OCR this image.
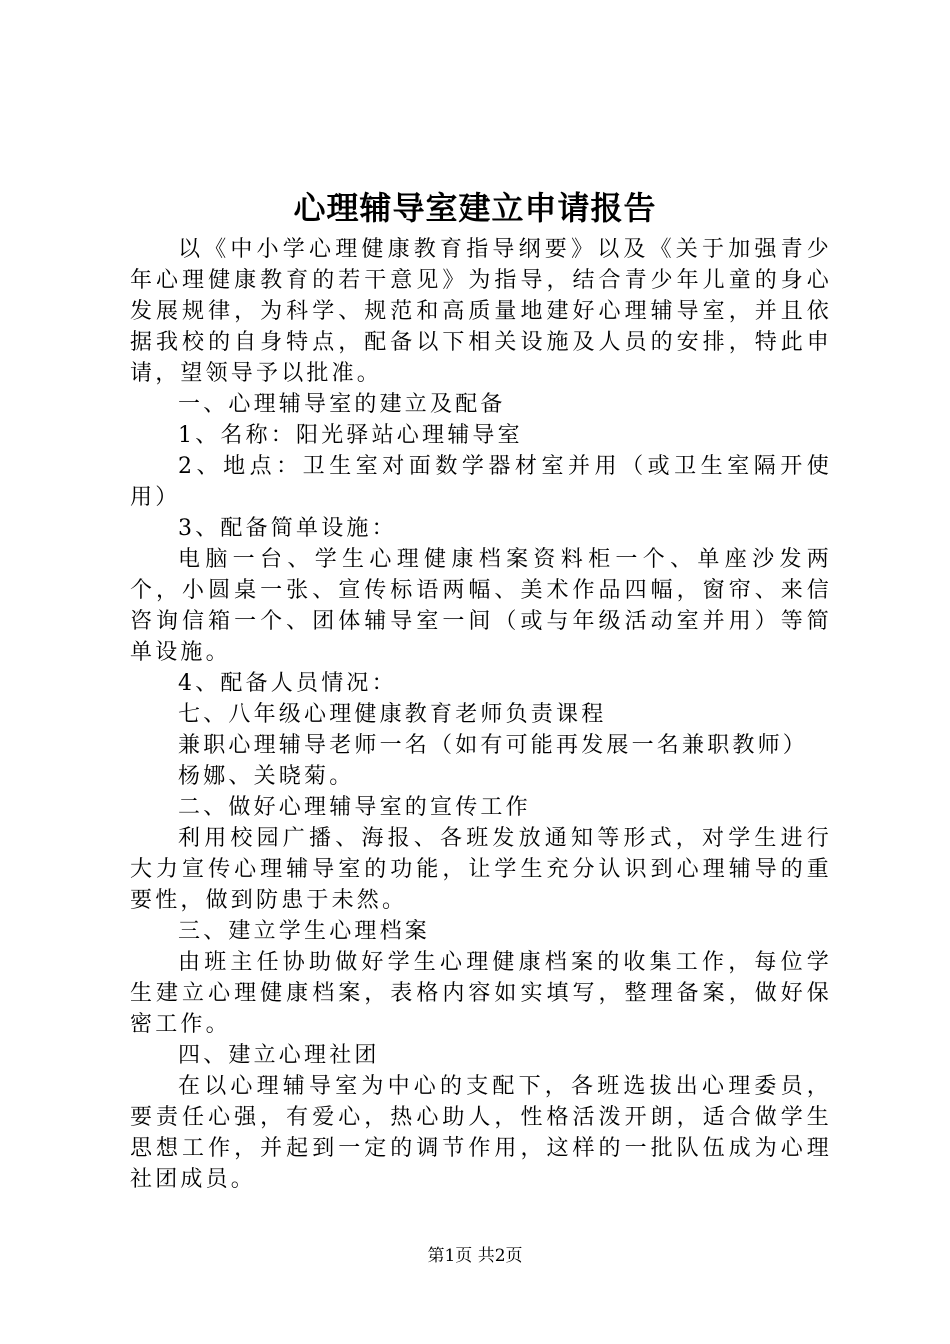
心理辅导室建立申请报告

以《中小学心理健康教育指导纲要》以及《关于加强青少年心理健康教育的若干意见》为指导，结合青少年儿童的身心发展规律，为科学、规范和高质量地建好心理辅导室，并且依据我校的自身特点，配备以下相关设施及人员的安排，特此申请，望领导予以批准。

一、心理辅导室的建立及配备

1、名称：阳光驿站心理辅导室

2、地点：卫生室对面数学器材室并用（或卫生室隔开使用）

3、配备简单设施：

电脑一台、学生心理健康档案资料柜一个、单座沙发两个，小圆桌一张、宣传标语两幅、美术作品四幅，窗帘、来信咨询信箱一个、团体辅导室一间（或与年级活动室并用）等简单设施。

4、配备人员情况：

七、八年级心理健康教育老师负责课程

兼职心理辅导老师一名（如有可能再发展一名兼职教师）

杨娜、关晓菊。

二、做好心理辅导室的宣传工作

利用校园广播、海报、各班发放通知等形式，对学生进行大力宣传心理辅导室的功能，让学生充分认识到心理辅导的重要性，做到防患于未然。

三、建立学生心理档案

由班主任协助做好学生心理健康档案的收集工作，每位学生建立心理健康档案，表格内容如实填写，整理备案，做好保密工作。

四、建立心理社团

在以心理辅导室为中心的支配下，各班选拔出心理委员，要责任心强，有爱心，热心助人，性格活泼开朗，适合做学生思想工作，并起到一定的调节作用，这样的一批队伍成为心理社团成员。

第1页 共2页
